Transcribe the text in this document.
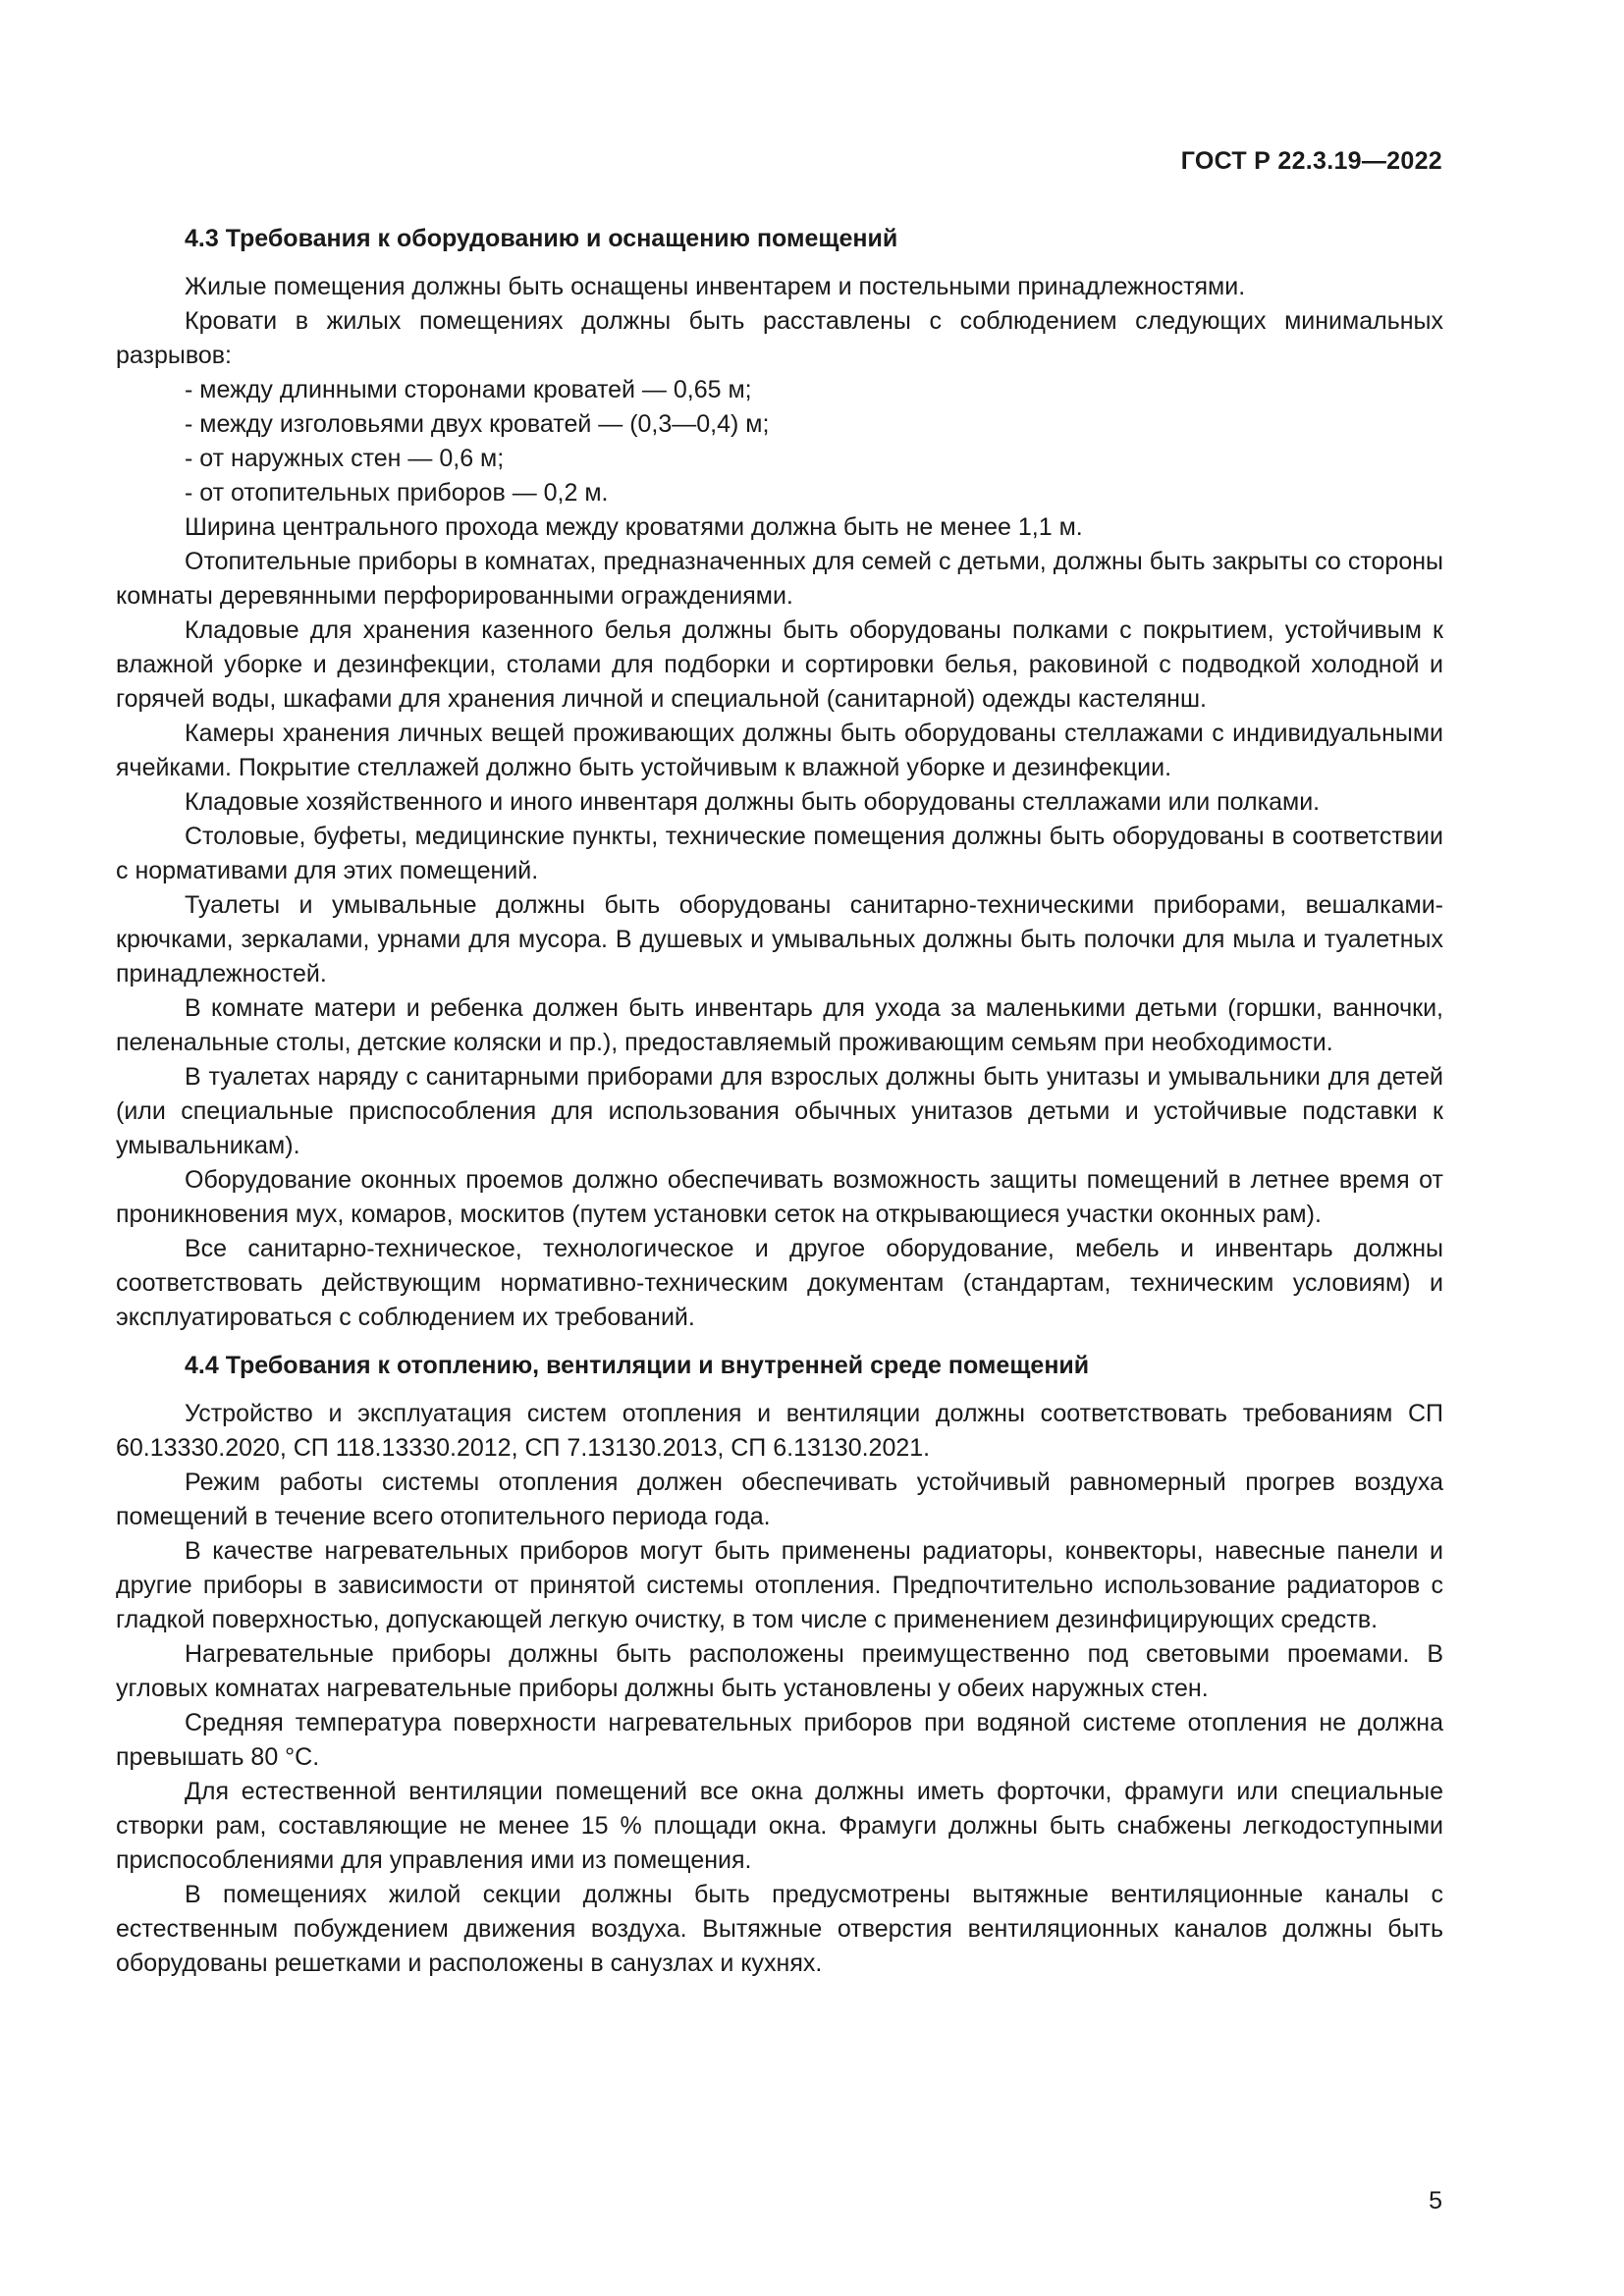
ГОСТ Р 22.3.19—2022

4.3 Требования к оборудованию и оснащению помещений

Жилые помещения должны быть оснащены инвентарем и постельными принадлежностями.

Кровати в жилых помещениях должны быть расставлены с соблюдением следующих минимальных разрывов:

- между длинными сторонами кроватей — 0,65 м;
- между изголовьями двух кроватей — (0,3—0,4) м;
- от наружных стен — 0,6 м;
- от отопительных приборов — 0,2 м.

Ширина центрального прохода между кроватями должна быть не менее 1,1 м.

Отопительные приборы в комнатах, предназначенных для семей с детьми, должны быть закрыты со стороны комнаты деревянными перфорированными ограждениями.

Кладовые для хранения казенного белья должны быть оборудованы полками с покрытием, устойчивым к влажной уборке и дезинфекции, столами для подборки и сортировки белья, раковиной с подводкой холодной и горячей воды, шкафами для хранения личной и специальной (санитарной) одежды кастелянш.

Камеры хранения личных вещей проживающих должны быть оборудованы стеллажами с индивидуальными ячейками. Покрытие стеллажей должно быть устойчивым к влажной уборке и дезинфекции.

Кладовые хозяйственного и иного инвентаря должны быть оборудованы стеллажами или полками.

Столовые, буфеты, медицинские пункты, технические помещения должны быть оборудованы в соответствии с нормативами для этих помещений.

Туалеты и умывальные должны быть оборудованы санитарно-техническими приборами, вешалками-крючками, зеркалами, урнами для мусора. В душевых и умывальных должны быть полочки для мыла и туалетных принадлежностей.

В комнате матери и ребенка должен быть инвентарь для ухода за маленькими детьми (горшки, ванночки, пеленальные столы, детские коляски и пр.), предоставляемый проживающим семьям при необходимости.

В туалетах наряду с санитарными приборами для взрослых должны быть унитазы и умывальники для детей (или специальные приспособления для использования обычных унитазов детьми и устойчивые подставки к умывальникам).

Оборудование оконных проемов должно обеспечивать возможность защиты помещений в летнее время от проникновения мух, комаров, москитов (путем установки сеток на открывающиеся участки оконных рам).

Все санитарно-техническое, технологическое и другое оборудование, мебель и инвентарь должны соответствовать действующим нормативно-техническим документам (стандартам, техническим условиям) и эксплуатироваться с соблюдением их требований.

4.4 Требования к отоплению, вентиляции и внутренней среде помещений

Устройство и эксплуатация систем отопления и вентиляции должны соответствовать требованиям СП 60.13330.2020, СП 118.13330.2012, СП 7.13130.2013, СП 6.13130.2021.

Режим работы системы отопления должен обеспечивать устойчивый равномерный прогрев воздуха помещений в течение всего отопительного периода года.

В качестве нагревательных приборов могут быть применены радиаторы, конвекторы, навесные панели и другие приборы в зависимости от принятой системы отопления. Предпочтительно использование радиаторов с гладкой поверхностью, допускающей легкую очистку, в том числе с применением дезинфицирующих средств.

Нагревательные приборы должны быть расположены преимущественно под световыми проемами. В угловых комнатах нагревательные приборы должны быть установлены у обеих наружных стен.

Средняя температура поверхности нагревательных приборов при водяной системе отопления не должна превышать 80 °С.

Для естественной вентиляции помещений все окна должны иметь форточки, фрамуги или специальные створки рам, составляющие не менее 15 % площади окна. Фрамуги должны быть снабжены легкодоступными приспособлениями для управления ими из помещения.

В помещениях жилой секции должны быть предусмотрены вытяжные вентиляционные каналы с естественным побуждением движения воздуха. Вытяжные отверстия вентиляционных каналов должны быть оборудованы решетками и расположены в санузлах и кухнях.

5
